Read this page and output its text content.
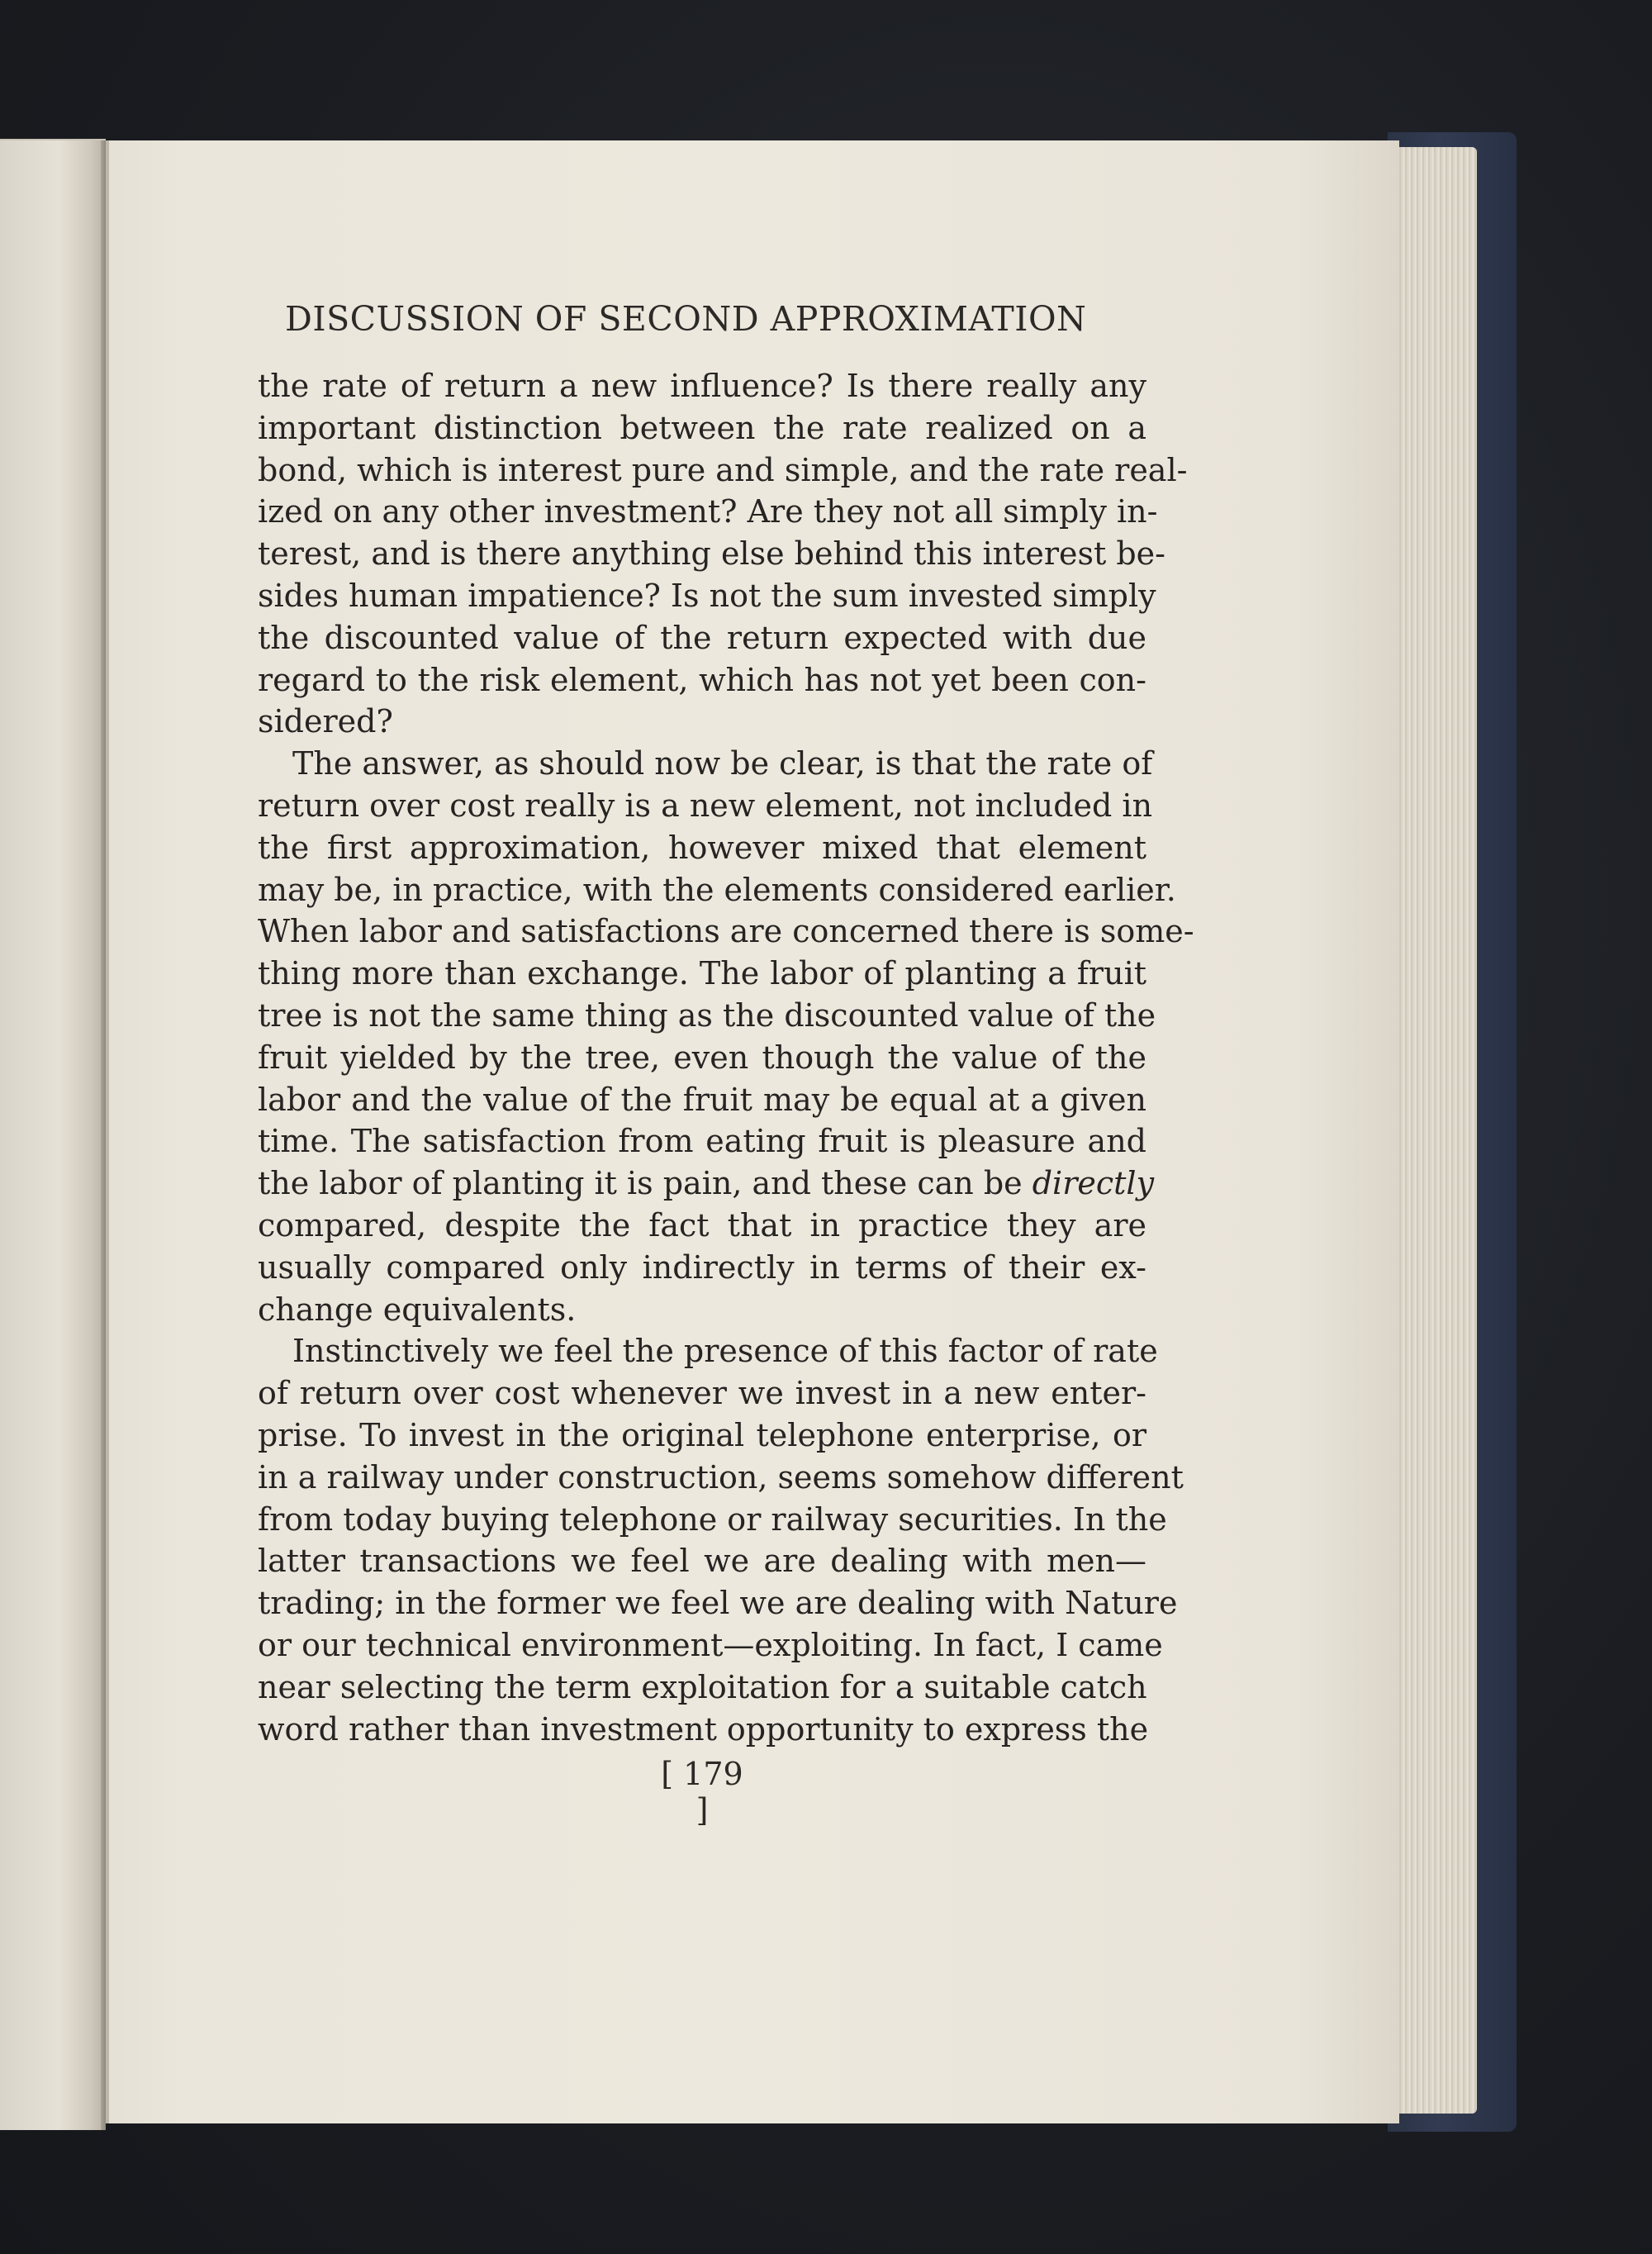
DISCUSSION OF SECOND APPROXIMATION
the rate of return a new influence? Is there really any
important distinction between the rate realized on a
bond, which is interest pure and simple, and the rate real-
ized on any other investment? Are they not all simply in-
terest, and is there anything else behind this interest be-
sides human impatience? Is not the sum invested simply
the discounted value of the return expected with due
regard to the risk element, which has not yet been con-
sidered?
The answer, as should now be clear, is that the rate of
return over cost really is a new element, not included in
the first approximation, however mixed that element
may be, in practice, with the elements considered earlier.
When labor and satisfactions are concerned there is some-
thing more than exchange. The labor of planting a fruit
tree is not the same thing as the discounted value of the
fruit yielded by the tree, even though the value of the
labor and the value of the fruit may be equal at a given
time. The satisfaction from eating fruit is pleasure and
the labor of planting it is pain, and these can be directly
compared, despite the fact that in practice they are
usually compared only indirectly in terms of their ex-
change equivalents.
Instinctively we feel the presence of this factor of rate
of return over cost whenever we invest in a new enter-
prise. To invest in the original telephone enterprise, or
in a railway under construction, seems somehow different
from today buying telephone or railway securities. In the
latter transactions we feel we are dealing with men—
trading; in the former we feel we are dealing with Nature
or our technical environment—exploiting. In fact, I came
near selecting the term exploitation for a suitable catch
word rather than investment opportunity to express the
[ 179 ]
